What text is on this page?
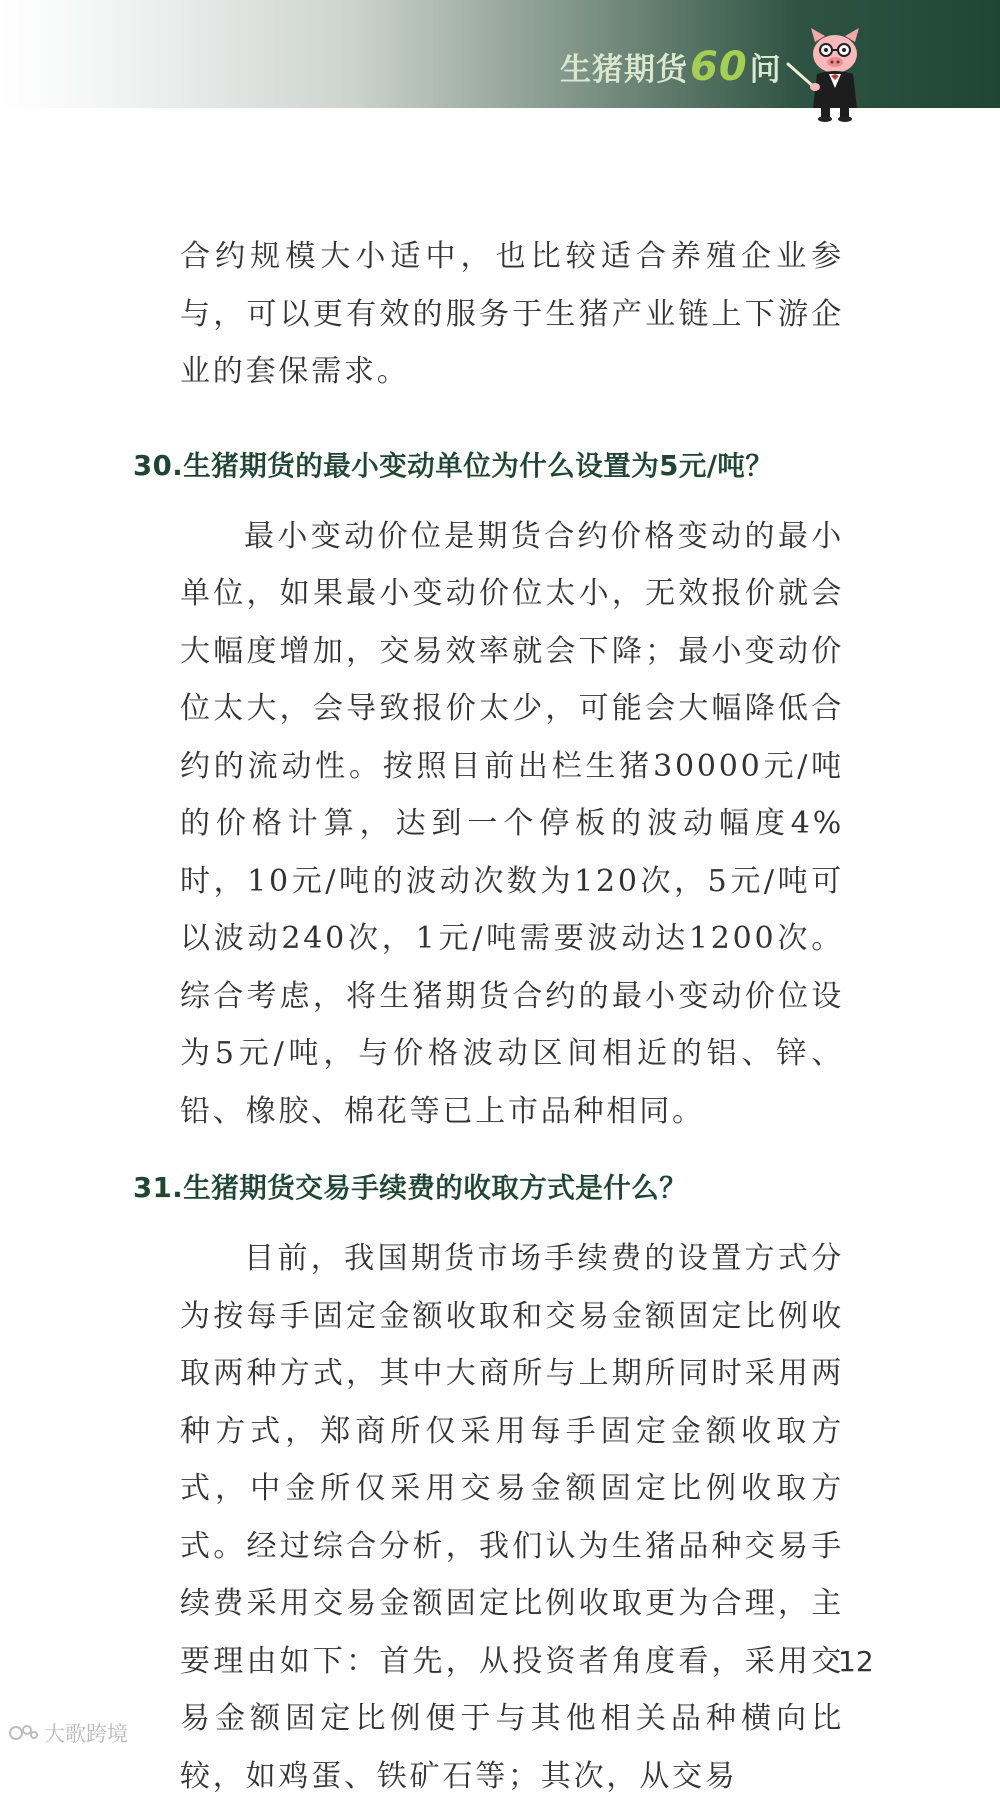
生猪期货60问

合约规模大小适中，也比较适合养殖企业参与，可以更有效的服务于生猪产业链上下游企业的套保需求。

30.生猪期货的最小变动单位为什么设置为5元/吨？

最小变动价位是期货合约价格变动的最小单位，如果最小变动价位太小，无效报价就会大幅度增加，交易效率就会下降；最小变动价位太大，会导致报价太少，可能会大幅降低合约的流动性。按照目前出栏生猪30000元/吨的价格计算，达到一个停板的波动幅度4%时，10元/吨的波动次数为120次，5元/吨可以波动240次，1元/吨需要波动达1200次。综合考虑，将生猪期货合约的最小变动价位设为5元/吨，与价格波动区间相近的铝、锌、铅、橡胶、棉花等已上市品种相同。

31.生猪期货交易手续费的收取方式是什么？

目前，我国期货市场手续费的设置方式分为按每手固定金额收取和交易金额固定比例收取两种方式，其中大商所与上期所同时采用两种方式，郑商所仅采用每手固定金额收取方式，中金所仅采用交易金额固定比例收取方式。经过综合分析，我们认为生猪品种交易手续费采用交易金额固定比例收取更为合理，主要理由如下：首先，从投资者角度看，采用交易金额固定比例便于与其他相关品种横向比较，如鸡蛋、铁矿石等；其次，从交易

12
大歌跨境
